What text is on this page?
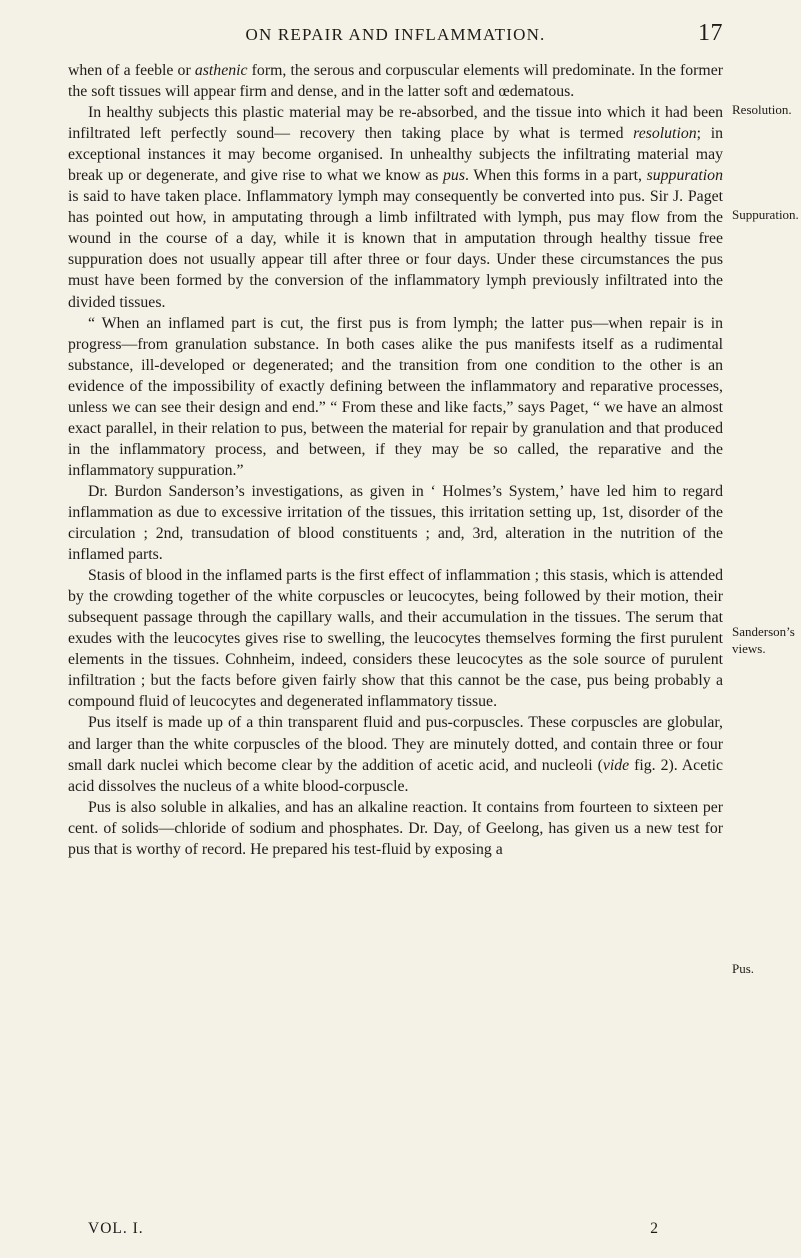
ON REPAIR AND INFLAMMATION.	17

when of a feeble or asthenic form, the serous and corpuscular elements will predominate. In the former the soft tissues will appear firm and dense, and in the latter soft and œdematous.

In healthy subjects this plastic material may be re-absorbed, and the tissue into which it had been infiltrated left perfectly sound— recovery then taking place by what is termed resolution; in exceptional instances it may become organised. In unhealthy subjects the infiltrating material may break up or degenerate, and give rise to what we know as pus. When this forms in a part, suppuration is said to have taken place. Inflammatory lymph may consequently be converted into pus. Sir J. Paget has pointed out how, in amputating through a limb infiltrated with lymph, pus may flow from the wound in the course of a day, while it is known that in amputation through healthy tissue free suppuration does not usually appear till after three or four days. Under these circumstances the pus must have been formed by the conversion of the inflammatory lymph previously infiltrated into the divided tissues.

“ When an inflamed part is cut, the first pus is from lymph; the latter pus—when repair is in progress—from granulation substance. In both cases alike the pus manifests itself as a rudimental substance, ill-developed or degenerated; and the transition from one condition to the other is an evidence of the impossibility of exactly defining between the inflammatory and reparative processes, unless we can see their design and end.” “ From these and like facts,” says Paget, “ we have an almost exact parallel, in their relation to pus, between the material for repair by granulation and that produced in the inflammatory process, and between, if they may be so called, the reparative and the inflammatory suppuration.”

Dr. Burdon Sanderson’s investigations, as given in ‘ Holmes’s System,’ have led him to regard inflammation as due to excessive irritation of the tissues, this irritation setting up, 1st, disorder of the circulation ; 2nd, transudation of blood constituents ; and, 3rd, alteration in the nutrition of the inflamed parts.

Stasis of blood in the inflamed parts is the first effect of inflammation ; this stasis, which is attended by the crowding together of the white corpuscles or leucocytes, being followed by their motion, their subsequent passage through the capillary walls, and their accumulation in the tissues. The serum that exudes with the leucocytes gives rise to swelling, the leucocytes themselves forming the first purulent elements in the tissues. Cohnheim, indeed, considers these leucocytes as the sole source of purulent infiltration ; but the facts before given fairly show that this cannot be the case, pus being probably a compound fluid of leucocytes and degenerated inflammatory tissue.

Pus itself is made up of a thin transparent fluid and pus-corpuscles. These corpuscles are globular, and larger than the white corpuscles of the blood. They are minutely dotted, and contain three or four small dark nuclei which become clear by the addition of acetic acid, and nucleoli (vide fig. 2). Acetic acid dissolves the nucleus of a white blood-corpuscle.

Pus is also soluble in alkalies, and has an alkaline reaction. It contains from fourteen to sixteen per cent. of solids—chloride of sodium and phosphates. Dr. Day, of Geelong, has given us a new test for pus that is worthy of record. He prepared his test-fluid by exposing a

Resolution.
Suppuration.
Sanderson’s
views.
Pus.
VOL. I.	2
